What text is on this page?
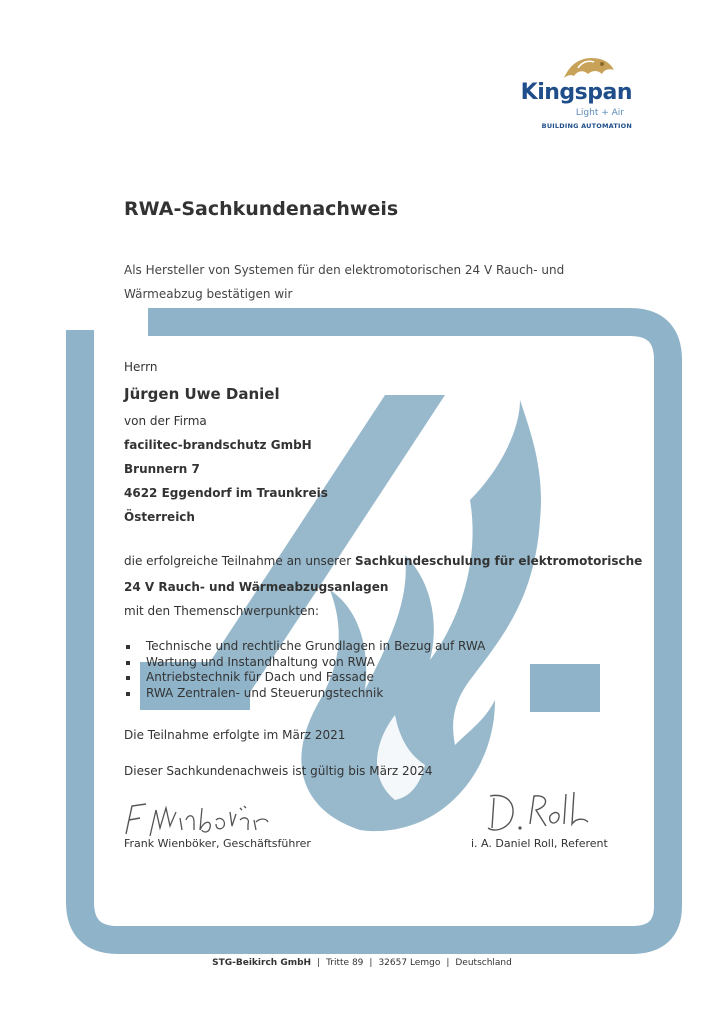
Kingspan
Light + Air
BUILDING AUTOMATION
RWA-Sachkundenachweis
Als Hersteller von Systemen für den elektromotorischen 24 V Rauch- und Wärmeabzug bestätigen wir
Herrn
Jürgen Uwe Daniel
von der Firma
facilitec-brandschutz GmbH
Brunnern 7
4622 Eggendorf im Traunkreis
Österreich
die erfolgreiche Teilnahme an unserer Sachkundeschulung für elektromotorische
24 V Rauch- und Wärmeabzugsanlagen
mit den Themenschwerpunkten:
Technische und rechtliche Grundlagen in Bezug auf RWA
Wartung und Instandhaltung von RWA
Antriebstechnik für Dach und Fassade
RWA Zentralen- und Steuerungstechnik
Die Teilnahme erfolgte im März 2021
Dieser Sachkundenachweis ist gültig bis März 2024
Frank Wienböker, Geschäftsführer	i. A. Daniel Roll, Referent
STG-Beikirch GmbH | Tritte 89 | 32657 Lemgo | Deutschland
